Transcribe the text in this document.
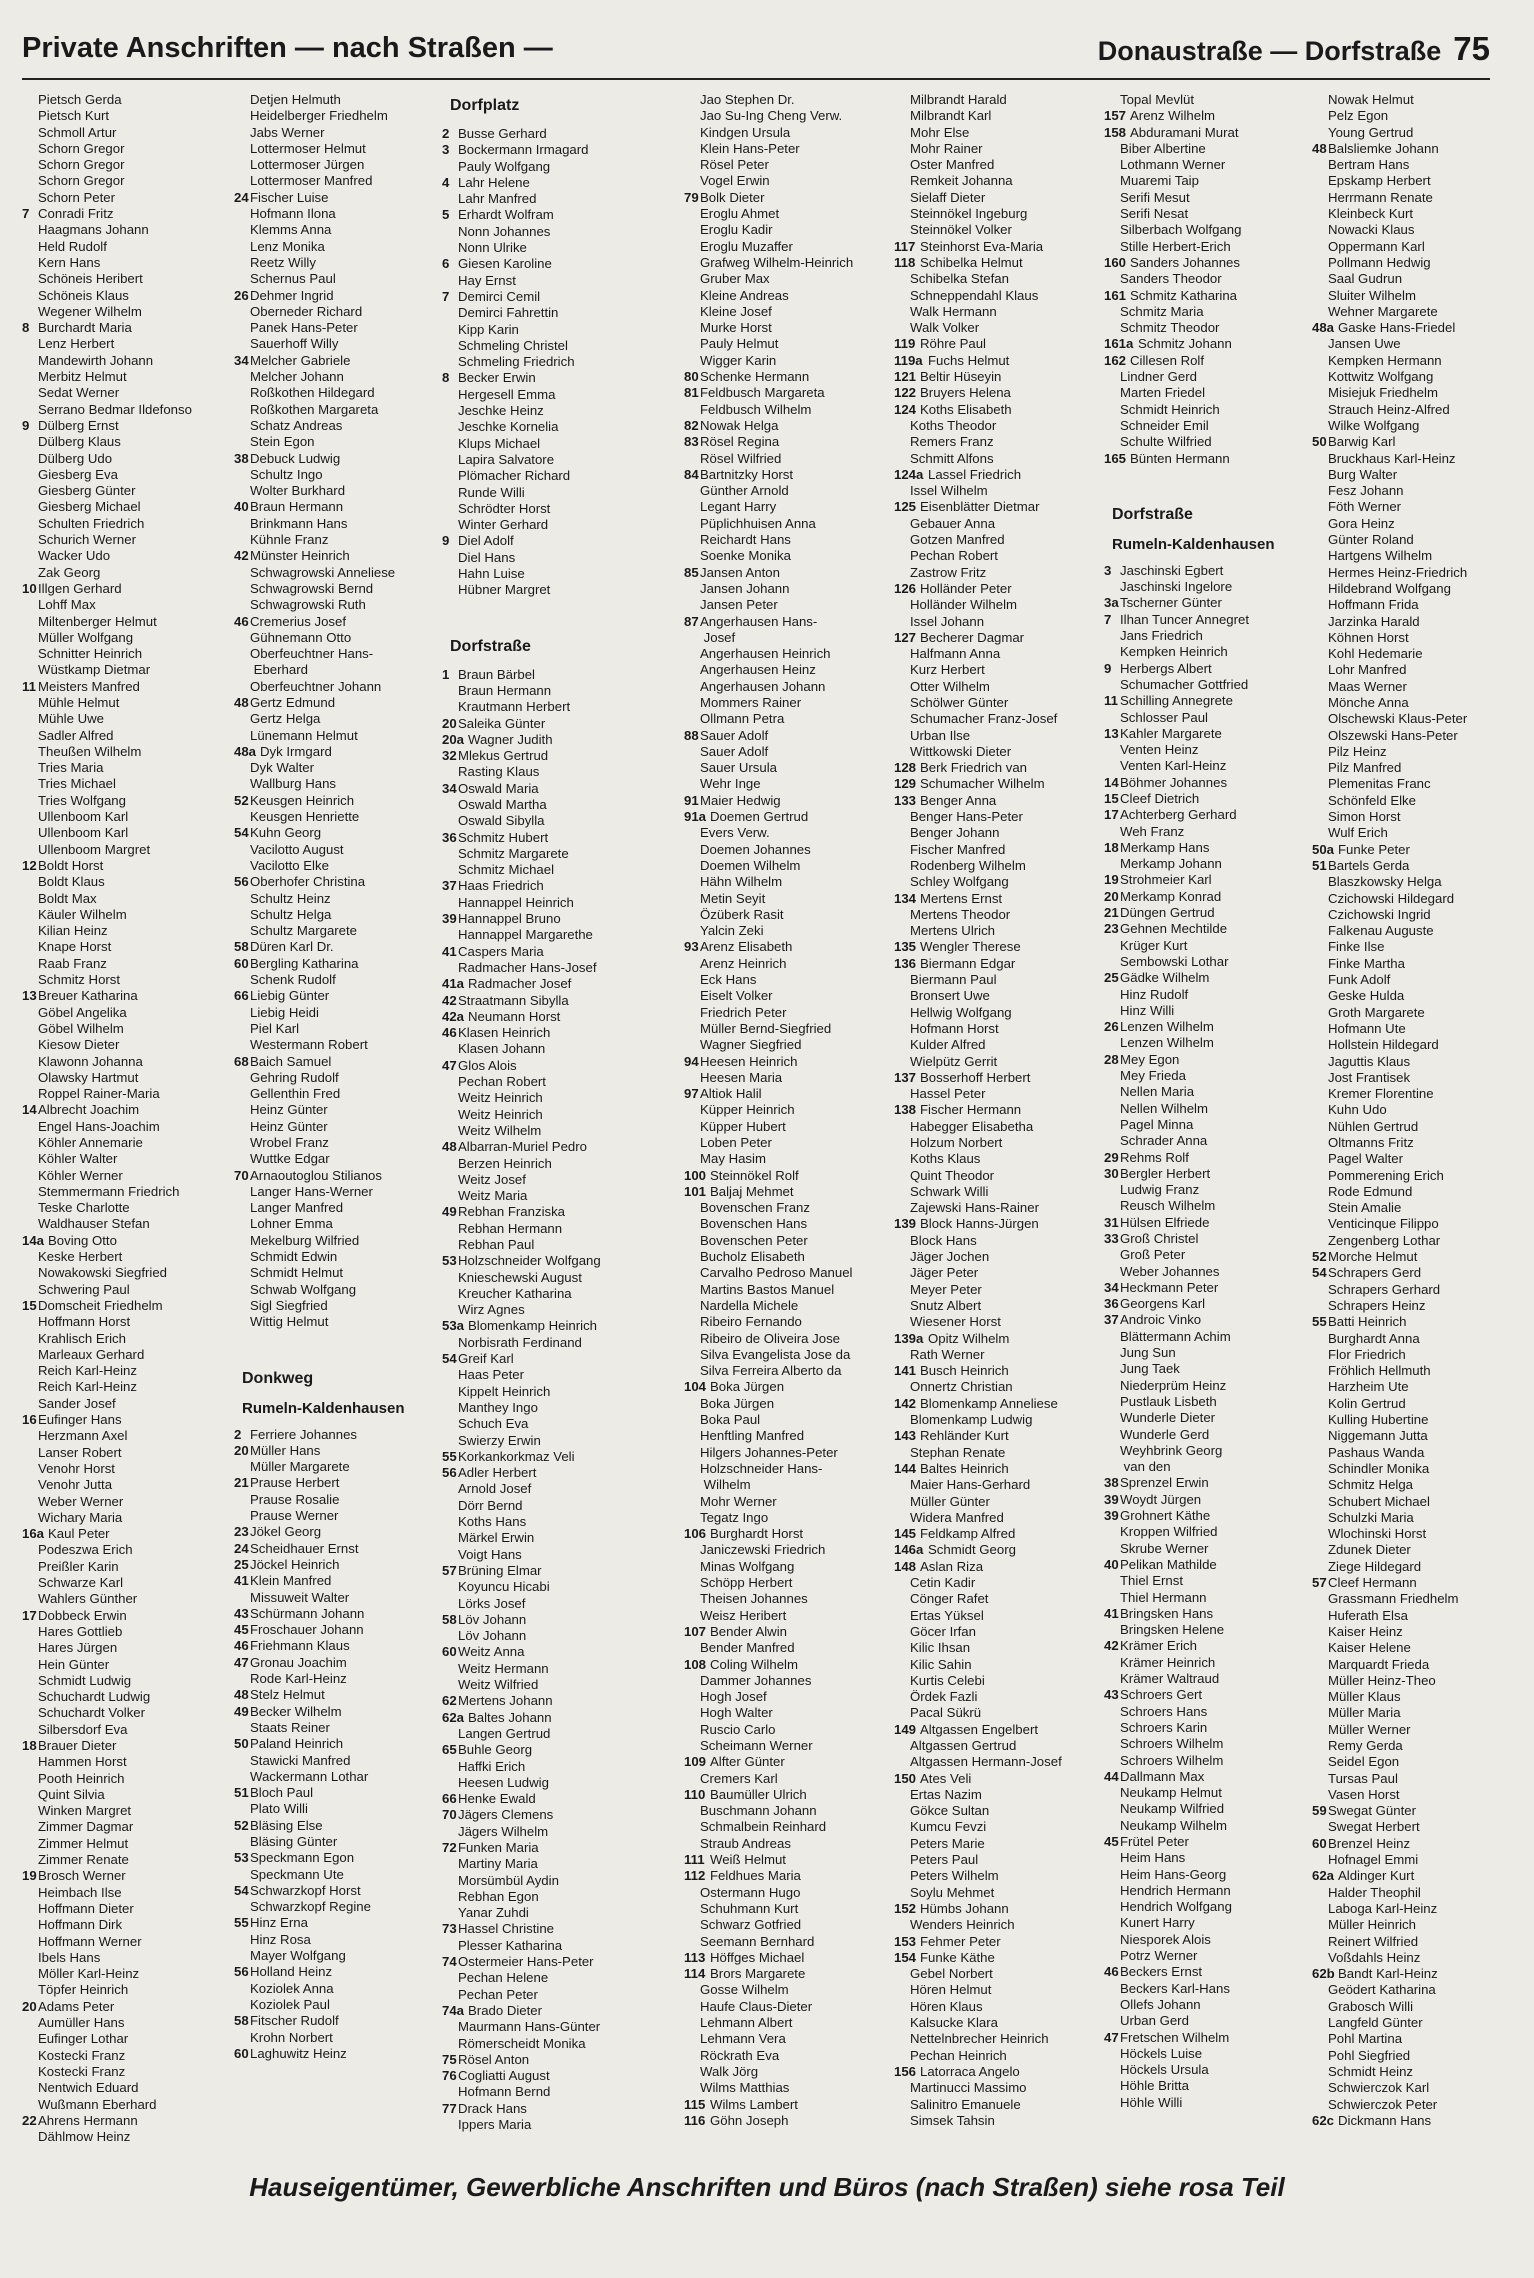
Private Anschriften — nach Straßen —	Donaustraße — Dorfstraße 75
Pietsch Gerda
Pietsch Kurt
Schmoll Artur
Schorn Gregor
Schorn Gregor
Schorn Gregor
Schorn Peter
7 Conradi Fritz
Haagmans Johann
Held Rudolf
Kern Hans
Schöneis Heribert
Schöneis Klaus
Wegener Wilhelm
8 Burchardt Maria
Lenz Herbert
Mandewirth Johann
Merbitz Helmut
Sedat Werner
Serrano Bedmar Ildefonso
9 Dülberg Ernst
Dülberg Klaus
Dülberg Udo
Giesberg Eva
Giesberg Günter
Giesberg Michael
Schulten Friedrich
Schurich Werner
Wacker Udo
Zak Georg
10Illgen Gerhard
Lohff Max
Miltenberger Helmut
Müller Wolfgang
Schnitter Heinrich
Wüstkamp Dietmar
11 Meisters Manfred
Mühle Helmut
Mühle Uwe
Sadler Alfred
Theußen Wilhelm
Tries Maria
Tries Michael
Tries Wolfgang
Ullenboom Karl
Ullenboom Karl
Ullenboom Margret
12Boldt Horst
Boldt Klaus
Boldt Max
Käuler Wilhelm
Kilian Heinz
Knape Horst
Raab Franz
Schmitz Horst
13Breuer Katharina
Göbel Angelika
Göbel Wilhelm
Kiesow Dieter
Klawonn Johanna
Olawsky Hartmut
Roppel Rainer-Maria
14Albrecht Joachim
Engel Hans-Joachim
Köhler Annemarie
Köhler Walter
Köhler Werner
Stemmermann Friedrich
Teske Charlotte
Waldhauser Stefan
14a Boving Otto
Keske Herbert
Nowakowski Siegfried
Schwering Paul
15Domscheit Friedhelm
Hoffmann Horst
Krahlisch Erich
Marleaux Gerhard
Reich Karl-Heinz
Reich Karl-Heinz
Sander Josef
16Eufinger Hans
Herzmann Axel
Lanser Robert
Venohr Horst
Venohr Jutta
Weber Werner
Wichary Maria
16a Kaul Peter
Podeszwa Erich
Preißler Karin
Schwarze Karl
Wahlers Günther
17Dobbeck Erwin
Hares Gottlieb
Hares Jürgen
Hein Günter
Schmidt Ludwig
Schuchardt Ludwig
Schuchardt Volker
Silbersdorf Eva
18Brauer Dieter
Hammen Horst
Pooth Heinrich
Quint Silvia
Winken Margret
Zimmer Dagmar
Zimmer Helmut
Zimmer Renate
19Brosch Werner
Heimbach Ilse
Hoffmann Dieter
Hoffmann Dirk
Hoffmann Werner
Ibels Hans
Möller Karl-Heinz
Töpfer Heinrich
20Adams Peter
Aumüller Hans
Eufinger Lothar
Kostecki Franz
Kostecki Franz
Nentwich Eduard
Wußmann Eberhard
22Ahrens Hermann
Dählmow Heinz
Detjen Helmuth
Heidelberger Friedhelm
Jabs Werner
Lottermoser Helmut
Lottermoser Jürgen
Lottermoser Manfred
24Fischer Luise
Hofmann Ilona
Klemms Anna
Lenz Monika
Reetz Willy
Schernus Paul
26Dehmer Ingrid
Oberneder Richard
Panek Hans-Peter
Sauerhoff Willy
34Melcher Gabriele
Melcher Johann
Roßkothen Hildegard
Roßkothen Margareta
Schatz Andreas
Stein Egon
38Debuck Ludwig
Schultz Ingo
Wolter Burkhard
40Braun Hermann
Brinkmann Hans
Kühnle Franz
42Münster Heinrich
Schwagrowski Anneliese
Schwagrowski Bernd
Schwagrowski Ruth
46Cremerius Josef
Gühnemann Otto
Oberfeuchtner Hans-
Eberhard
Oberfeuchtner Johann
48Gertz Edmund
Gertz Helga
Lünemann Helmut
48a Dyk Irmgard
Dyk Walter
Wallburg Hans
52Keusgen Heinrich
Keusgen Henriette
54Kuhn Georg
Vacilotto August
Vacilotto Elke
56Oberhofer Christina
Schultz Heinz
Schultz Helga
Schultz Margarete
58Düren Karl Dr.
60Bergling Katharina
Schenk Rudolf
66Liebig Günter
Liebig Heidi
Piel Karl
Westermann Robert
68Baich Samuel
Gehring Rudolf
Gellenthin Fred
Heinz Günter
Heinz Günter
Wrobel Franz
Wuttke Edgar
70Arnaoutoglou Stilianos
Langer Hans-Werner
Langer Manfred
Lohner Emma
Mekelburg Wilfried
Schmidt Edwin
Schmidt Helmut
Schwab Wolfgang
Sigl Siegfried
Wittig Helmut
Donkweg
Rumeln-Kaldenhausen
2 Ferriere Johannes
20Müller Hans
Müller Margarete
21Prause Herbert
Prause Rosalie
Prause Werner
23Jökel Georg
24Scheidhauer Ernst
25Jöckel Heinrich
41Klein Manfred
Missuweit Walter
43Schürmann Johann
45Froschauer Johann
46Friehmann Klaus
47Gronau Joachim
Rode Karl-Heinz
48Stelz Helmut
49Becker Wilhelm
Staats Reiner
50Paland Heinrich
Stawicki Manfred
Wackermann Lothar
51Bloch Paul
Plato Willi
52Bläsing Else
Bläsing Günter
53Speckmann Egon
Speckmann Ute
54Schwarzkopf Horst
Schwarzkopf Regine
55Hinz Erna
Hinz Rosa
Mayer Wolfgang
56Holland Heinz
Koziolek Anna
Koziolek Paul
58Fitscher Rudolf
Krohn Norbert
60Laghuwitz Heinz
Dorfplatz
2 Busse Gerhard
3 Bockermann Irmagard
Pauly Wolfgang
4 Lahr Helene
Lahr Manfred
5 Erhardt Wolfram
Nonn Johannes
Nonn Ulrike
6 Giesen Karoline
Hay Ernst
7 Demirci Cemil
Demirci Fahrettin
Kipp Karin
Schmeling Christel
Schmeling Friedrich
8 Becker Erwin
Hergesell Emma
Jeschke Heinz
Jeschke Kornelia
Klups Michael
Lapira Salvatore
Plömacher Richard
Runde Willi
Schrödter Horst
Winter Gerhard
9 Diel Adolf
Diel Hans
Hahn Luise
Hübner Margret
Dorfstraße
1 Braun Bärbel
Braun Hermann
Krautmann Herbert
20Saleika Günter
20a Wagner Judith
32Mlekus Gertrud
Rasting Klaus
34Oswald Maria
Oswald Martha
Oswald Sibylla
36Schmitz Hubert
Schmitz Margarete
Schmitz Michael
37Haas Friedrich
Hannappel Heinrich
39Hannappel Bruno
Hannappel Margarethe
41Caspers Maria
Radmacher Hans-Josef
41a Radmacher Josef
42Straatmann Sibylla
42a Neumann Horst
46Klasen Heinrich
Klasen Johann
47Glos Alois
Pechan Robert
Weitz Heinrich
Weitz Heinrich
Weitz Wilhelm
48Albarran-Muriel Pedro
Berzen Heinrich
Weitz Josef
Weitz Maria
49Rebhan Franziska
Rebhan Hermann
Rebhan Paul
53Holzschneider Wolfgang
Knieschewski August
Kreucher Katharina
Wirz Agnes
53a Blomenkamp Heinrich
Norbisrath Ferdinand
54Greif Karl
Haas Peter
Kippelt Heinrich
Manthey Ingo
Schuch Eva
Swierzy Erwin
55Korkankorkmaz Veli
56Adler Herbert
Arnold Josef
Dörr Bernd
Koths Hans
Märkel Erwin
Voigt Hans
57Brüning Elmar
Koyuncu Hicabi
Lörks Josef
58Löv Johann
Löv Johann
60Weitz Anna
Weitz Hermann
Weitz Wilfried
62Mertens Johann
62a Baltes Johann
Langen Gertrud
65Buhle Georg
Haffki Erich
Heesen Ludwig
66Henke Ewald
70Jägers Clemens
Jägers Wilhelm
72Funken Maria
Martiny Maria
Morsümbül Aydin
Rebhan Egon
Yanar Zuhdi
73Hassel Christine
Plesser Katharina
74Ostermeier Hans-Peter
Pechan Helene
Pechan Peter
74a Brado Dieter
Maurmann Hans-Günter
Römerscheidt Monika
75Rösel Anton
76Cogliatti August
Hofmann Bernd
77Drack Hans
Ippers Maria
Jao Stephen Dr.
Jao Su-Ing Cheng Verw.
Kindgen Ursula
Klein Hans-Peter
Rösel Peter
Vogel Erwin
79Bolk Dieter
Eroglu Ahmet
Eroglu Kadir
Eroglu Muzaffer
Grafweg Wilhelm-Heinrich
Gruber Max
Kleine Andreas
Kleine Josef
Murke Horst
Pauly Helmut
Wigger Karin
80Schenke Hermann
81Feldbusch Margareta
Feldbusch Wilhelm
82Nowak Helga
83Rösel Regina
Rösel Wilfried
84Bartnitzky Horst
Günther Arnold
Legant Harry
Püplichhuisen Anna
Reichardt Hans
Soenke Monika
85Jansen Anton
Jansen Johann
Jansen Peter
87Angerhausen Hans-
Josef
Angerhausen Heinrich
Angerhausen Heinz
Angerhausen Johann
Mommers Rainer
Ollmann Petra
88Sauer Adolf
Sauer Adolf
Sauer Ursula
Wehr Inge
91Maier Hedwig
91a Doemen Gertrud
Evers Verw.
Doemen Johannes
Doemen Wilhelm
Hähn Wilhelm
Metin Seyit
Özüberk Rasit
Yalcin Zeki
93Arenz Elisabeth
Arenz Heinrich
Eck Hans
Eiselt Volker
Friedrich Peter
Müller Bernd-Siegfried
Wagner Siegfried
94Heesen Heinrich
Heesen Maria
97Altiok Halil
Küpper Heinrich
Küpper Hubert
Loben Peter
May Hasim
100 Steinnökel Rolf
101 Baljaj Mehmet
Bovenschen Franz
Bovenschen Hans
Bovenschen Peter
Bucholz Elisabeth
Carvalho Pedroso Manuel
Martins Bastos Manuel
Nardella Michele
Ribeiro Fernando
Ribeiro de Oliveira Jose
Silva Evangelista Jose da
Silva Ferreira Alberto da
104 Boka Jürgen
Boka Jürgen
Boka Paul
Henftling Manfred
Hilgers Johannes-Peter
Holzschneider Hans-
Wilhelm
Mohr Werner
Tegatz Ingo
106 Burghardt Horst
Janiczewski Friedrich
Minas Wolfgang
Schöpp Herbert
Theisen Johannes
Weisz Heribert
107 Bender Alwin
Bender Manfred
108 Coling Wilhelm
Dammer Johannes
Hogh Josef
Hogh Walter
Ruscio Carlo
Scheimann Werner
109 Alfter Günter
Cremers Karl
110 Baumüller Ulrich
Buschmann Johann
Schmalbein Reinhard
Straub Andreas
111 Weiß Helmut
112 Feldhues Maria
Ostermann Hugo
Schuhmann Kurt
Schwarz Gotfried
Seemann Bernhard
113 Höffges Michael
114 Brors Margarete
Gosse Wilhelm
Haufe Claus-Dieter
Lehmann Albert
Lehmann Vera
Röckrath Eva
Walk Jörg
Wilms Matthias
115 Wilms Lambert
116 Göhn Joseph
Milbrandt Harald
Milbrandt Karl
Mohr Else
Mohr Rainer
Oster Manfred
Remkeit Johanna
Sielaff Dieter
Steinnökel Ingeburg
Steinnökel Volker
117 Steinhorst Eva-Maria
118 Schibelka Helmut
Schibelka Stefan
Schneppendahl Klaus
Walk Hermann
Walk Volker
119 Röhre Paul
119a Fuchs Helmut
121 Beltir Hüseyin
122 Bruyers Helena
124 Koths Elisabeth
Koths Theodor
Remers Franz
Schmitt Alfons
124a Lassel Friedrich
Issel Wilhelm
125 Eisenblätter Dietmar
Gebauer Anna
Gotzen Manfred
Pechan Robert
Zastrow Fritz
126 Holländer Peter
Holländer Wilhelm
Issel Johann
127 Becherer Dagmar
Halfmann Anna
Kurz Herbert
Otter Wilhelm
Schölwer Günter
Schumacher Franz-Josef
Urban Ilse
Wittkowski Dieter
128 Berk Friedrich van
129 Schumacher Wilhelm
133 Benger Anna
Benger Hans-Peter
Benger Johann
Fischer Manfred
Rodenberg Wilhelm
Schley Wolfgang
134 Mertens Ernst
Mertens Theodor
Mertens Ulrich
135 Wengler Therese
136 Biermann Edgar
Biermann Paul
Bronsert Uwe
Hellwig Wolfgang
Hofmann Horst
Kulder Alfred
Wielpütz Gerrit
137 Bosserhoff Herbert
Hassel Peter
138 Fischer Hermann
Habegger Elisabetha
Holzum Norbert
Koths Klaus
Quint Theodor
Schwark Willi
Zajewski Hans-Rainer
139 Block Hanns-Jürgen
Block Hans
Jäger Jochen
Jäger Peter
Meyer Peter
Snutz Albert
Wiesener Horst
139a Opitz Wilhelm
Rath Werner
141 Busch Heinrich
Onnertz Christian
142 Blomenkamp Anneliese
Blomenkamp Ludwig
143 Rehländer Kurt
Stephan Renate
144 Baltes Heinrich
Maier Hans-Gerhard
Müller Günter
Widera Manfred
145 Feldkamp Alfred
146a Schmidt Georg
148 Aslan Riza
Cetin Kadir
Cönger Rafet
Ertas Yüksel
Göcer Irfan
Kilic Ihsan
Kilic Sahin
Kurtis Celebi
Ördek Fazli
Pacal Sükrü
149 Altgassen Engelbert
Altgassen Gertrud
Altgassen Hermann-Josef
150 Ates Veli
Ertas Nazim
Gökce Sultan
Kumcu Fevzi
Peters Marie
Peters Paul
Peters Wilhelm
Soylu Mehmet
152 Hümbs Johann
Wenders Heinrich
153 Fehmer Peter
154 Funke Käthe
Gebel Norbert
Hören Helmut
Hören Klaus
Kalsucke Klara
Nettelnbrecher Heinrich
Pechan Heinrich
156 Latorraca Angelo
Martinucci Massimo
Salinitro Emanuele
Simsek Tahsin
Topal Mevlüt
157 Arenz Wilhelm
158 Abduramani Murat
Biber Albertine
Lothmann Werner
Muaremi Taip
Serifi Mesut
Serifi Nesat
Silberbach Wolfgang
Stille Herbert-Erich
160 Sanders Johannes
Sanders Theodor
161 Schmitz Katharina
Schmitz Maria
Schmitz Theodor
161a Schmitz Johann
162 Cillesen Rolf
Lindner Gerd
Marten Friedel
Schmidt Heinrich
Schneider Emil
Schulte Wilfried
165 Bünten Hermann
Dorfstraße
Rumeln-Kaldenhausen
3 Jaschinski Egbert
Jaschinski Ingelore
3aTscherner Günter
7 Ilhan Tuncer Annegret
Jans Friedrich
Kempken Heinrich
9 Herbergs Albert
Schumacher Gottfried
11 Schilling Annegrete
Schlosser Paul
13Kahler Margarete
Venten Heinz
Venten Karl-Heinz
14Böhmer Johannes
15Cleef Dietrich
17Achterberg Gerhard
Weh Franz
18Merkamp Hans
Merkamp Johann
19Strohmeier Karl
20Merkamp Konrad
21Düngen Gertrud
23Gehnen Mechtilde
Krüger Kurt
Sembowski Lothar
25Gädke Wilhelm
Hinz Rudolf
Hinz Willi
26Lenzen Wilhelm
Lenzen Wilhelm
28Mey Egon
Mey Frieda
Nellen Maria
Nellen Wilhelm
Pagel Minna
Schrader Anna
29Rehms Rolf
30Bergler Herbert
Ludwig Franz
Reusch Wilhelm
31Hülsen Elfriede
33Groß Christel
Groß Peter
Weber Johannes
34Heckmann Peter
36Georgens Karl
37Androic Vinko
Blättermann Achim
Jung Sun
Jung Taek
Niederprüm Heinz
Pustlauk Lisbeth
Wunderle Dieter
Wunderle Gerd
Weyhbrink Georg
van den
38Sprenzel Erwin
39Woydt Jürgen
39Grohnert Käthe
Kroppen Wilfried
Skrube Werner
40Pelikan Mathilde
Thiel Ernst
Thiel Hermann
41Bringsken Hans
Bringsken Helene
42Krämer Erich
Krämer Heinrich
Krämer Waltraud
43Schroers Gert
Schroers Hans
Schroers Karin
Schroers Wilhelm
Schroers Wilhelm
44Dallmann Max
Neukamp Helmut
Neukamp Wilfried
Neukamp Wilhelm
45Frütel Peter
Heim Hans
Heim Hans-Georg
Hendrich Hermann
Hendrich Wolfgang
Kunert Harry
Niesporek Alois
Potrz Werner
46Beckers Ernst
Beckers Karl-Hans
Ollefs Johann
Urban Gerd
47Fretschen Wilhelm
Höckels Luise
Höckels Ursula
Höhle Britta
Höhle Willi
Nowak Helmut
Pelz Egon
Young Gertrud
48Balsliemke Johann
Bertram Hans
Epskamp Herbert
Herrmann Renate
Kleinbeck Kurt
Nowacki Klaus
Oppermann Karl
Pollmann Hedwig
Saal Gudrun
Sluiter Wilhelm
Wehner Margarete
48a Gaske Hans-Friedel
Jansen Uwe
Kempken Hermann
Kottwitz Wolfgang
Misiejuk Friedhelm
Strauch Heinz-Alfred
Wilke Wolfgang
50Barwig Karl
Bruckhaus Karl-Heinz
Burg Walter
Fesz Johann
Föth Werner
Gora Heinz
Günter Roland
Hartgens Wilhelm
Hermes Heinz-Friedrich
Hildebrand Wolfgang
Hoffmann Frida
Jarzinka Harald
Köhnen Horst
Kohl Hedemarie
Lohr Manfred
Maas Werner
Mönche Anna
Olschewski Klaus-Peter
Olszewski Hans-Peter
Pilz Heinz
Pilz Manfred
Plemenitas Franc
Schönfeld Elke
Simon Horst
Wulf Erich
50a Funke Peter
51Bartels Gerda
Blaszkowsky Helga
Czichowski Hildegard
Czichowski Ingrid
Falkenau Auguste
Finke Ilse
Finke Martha
Funk Adolf
Geske Hulda
Groth Margarete
Hofmann Ute
Hollstein Hildegard
Jaguttis Klaus
Jost Frantisek
Kremer Florentine
Kuhn Udo
Nühlen Gertrud
Oltmanns Fritz
Pagel Walter
Pommerening Erich
Rode Edmund
Stein Amalie
Venticinque Filippo
Zengenberg Lothar
52Morche Helmut
54Schrapers Gerd
Schrapers Gerhard
Schrapers Heinz
55Batti Heinrich
Burghardt Anna
Flor Friedrich
Fröhlich Hellmuth
Harzheim Ute
Kolin Gertrud
Kulling Hubertine
Niggemann Jutta
Pashaus Wanda
Schindler Monika
Schmitz Helga
Schubert Michael
Schulzki Maria
Wlochinski Horst
Zdunek Dieter
Ziege Hildegard
57Cleef Hermann
Grassmann Friedhelm
Huferath Elsa
Kaiser Heinz
Kaiser Helene
Marquardt Frieda
Müller Heinz-Theo
Müller Klaus
Müller Maria
Müller Werner
Remy Gerda
Seidel Egon
Tursas Paul
Vasen Horst
59Swegat Günter
Swegat Herbert
60Brenzel Heinz
Hofnagel Emmi
62a Aldinger Kurt
Halder Theophil
Laboga Karl-Heinz
Müller Heinrich
Reinert Wilfried
Voßdahls Heinz
62b Bandt Karl-Heinz
Geödert Katharina
Grabosch Willi
Langfeld Günter
Pohl Martina
Pohl Siegfried
Schmidt Heinz
Schwierczok Karl
Schwierczok Peter
62c Dickmann Hans
Hauseigentümer, Gewerbliche Anschriften und Büros (nach Straßen) siehe rosa Teil
